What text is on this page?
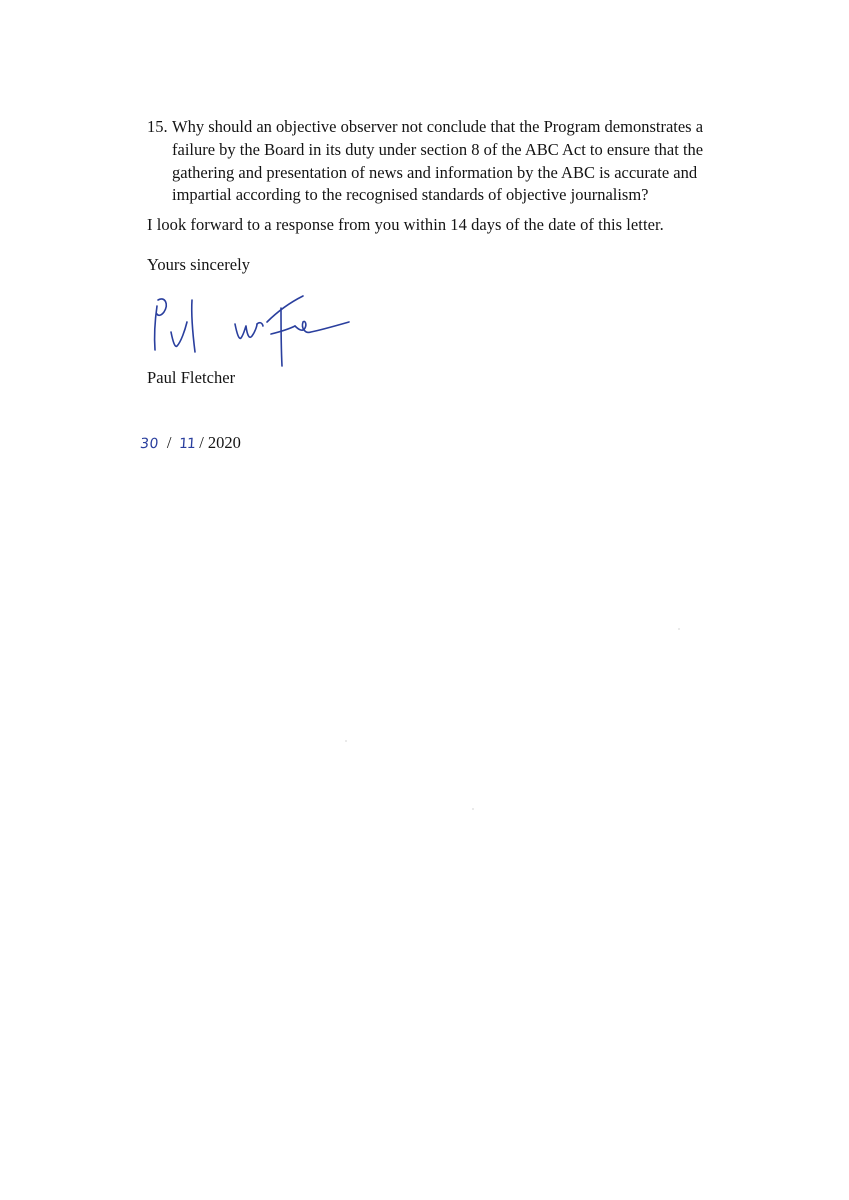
15. Why should an objective observer not conclude that the Program demonstrates a
failure by the Board in its duty under section 8 of the ABC Act to ensure that the
gathering and presentation of news and information by the ABC is accurate and
impartial according to the recognised standards of objective journalism?
I look forward to a response from you within 14 days of the date of this letter.
Yours sincerely
Paul Fletcher
30 / 11 / 2020
